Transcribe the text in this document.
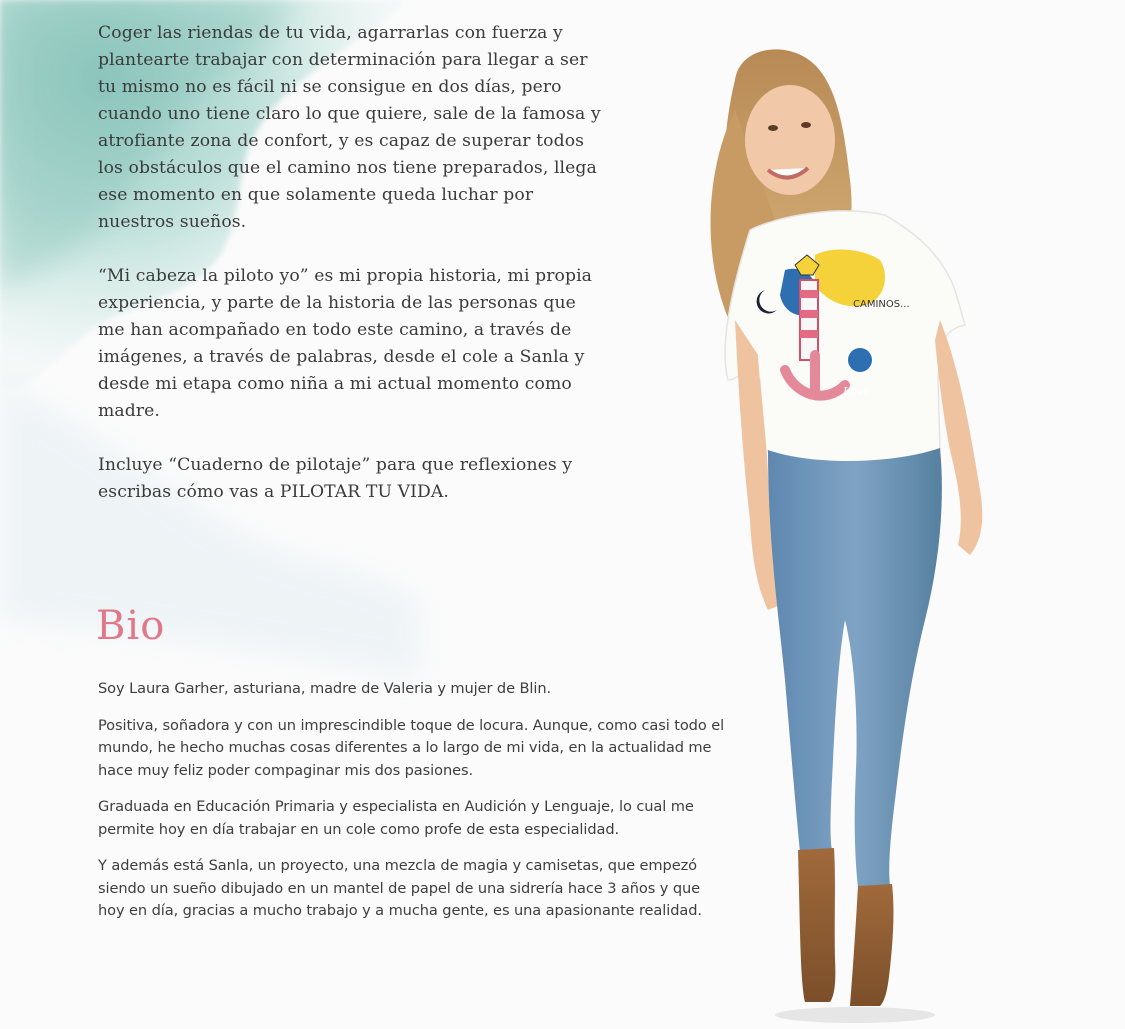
Coger las riendas de tu vida, agarrarlas con fuerza y plantearte trabajar con determinación para llegar a ser tu mismo no es fácil ni se consigue en dos días, pero cuando uno tiene claro lo que quiere, sale de la famosa y atrofiante zona de confort, y es capaz de superar todos los obstáculos que el camino nos tiene preparados, llega ese momento en que solamente queda luchar por nuestros sueños.

“Mi cabeza la piloto yo” es mi propia historia, mi propia experiencia, y parte de la historia de las personas que me han acompañado en todo este camino, a través de imágenes, a través de palabras, desde el cole a Sanla y desde mi etapa como niña a mi actual momento como madre.

Incluye “Cuaderno de pilotaje” para que reflexiones y escribas cómo vas a PILOTAR TU VIDA.

Bio

Soy Laura Garher, asturiana, madre de Valeria y mujer de Blin.

Positiva, soñadora y con un imprescindible toque de locura. Aunque, como casi todo el mundo, he hecho muchas cosas diferentes a lo largo de mi vida, en la actualidad me hace muy feliz poder compaginar mis dos pasiones.

Graduada en Educación Primaria y especialista en Audición y Lenguaje, lo cual me permite hoy en día trabajar en un cole como profe de esta especialidad.

Y además está Sanla, un proyecto, una mezcla de magia y camisetas, que empezó siendo un sueño dibujado en un mantel de papel de una sidrería hace 3 años y que hoy en día, gracias a mucho trabajo y a mucha gente, es una apasionante realidad.

CAMINOS...
Love
